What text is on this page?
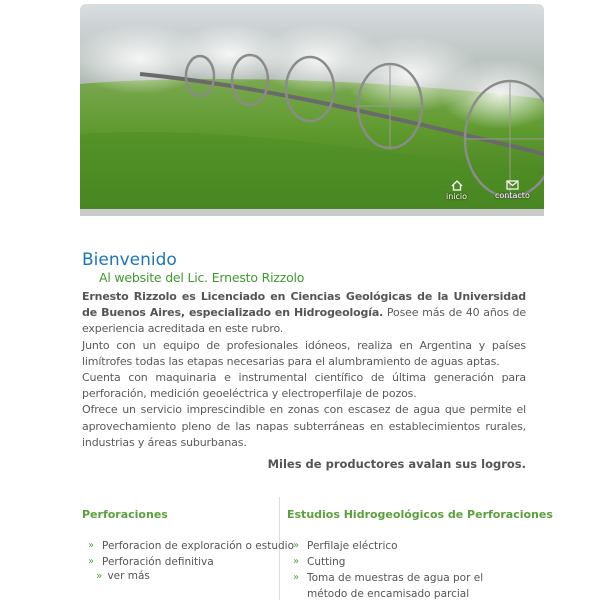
inicio	contacto
Bienvenido
Al website del Lic. Ernesto Rizzolo

Ernesto Rizzolo es Licenciado en Ciencias Geológicas de la Universidad de Buenos Aires, especializado en Hidrogeología. Posee más de 40 años de experiencia acreditada en este rubro.

Junto con un equipo de profesionales idóneos, realiza en Argentina y países limítrofes todas las etapas necesarias para el alumbramiento de aguas aptas.

Cuenta con maquinaria e instrumental científico de última generación para perforación, medición geoeléctrica y electroperfilaje de pozos.

Ofrece un servicio imprescindible en zonas con escasez de agua que permite el aprovechamiento pleno de las napas subterráneas en establecimientos rurales, industrias y áreas suburbanas.

Miles de productores avalan sus logros.

Perforaciones
» Perforacion de exploración o estudio
» Perforación definitiva
» ver más
Estudios Hidrogeológicos de Perforaciones
» Perfilaje eléctrico
» Cutting
» Toma de muestras de agua por el método de encamisado parcial
